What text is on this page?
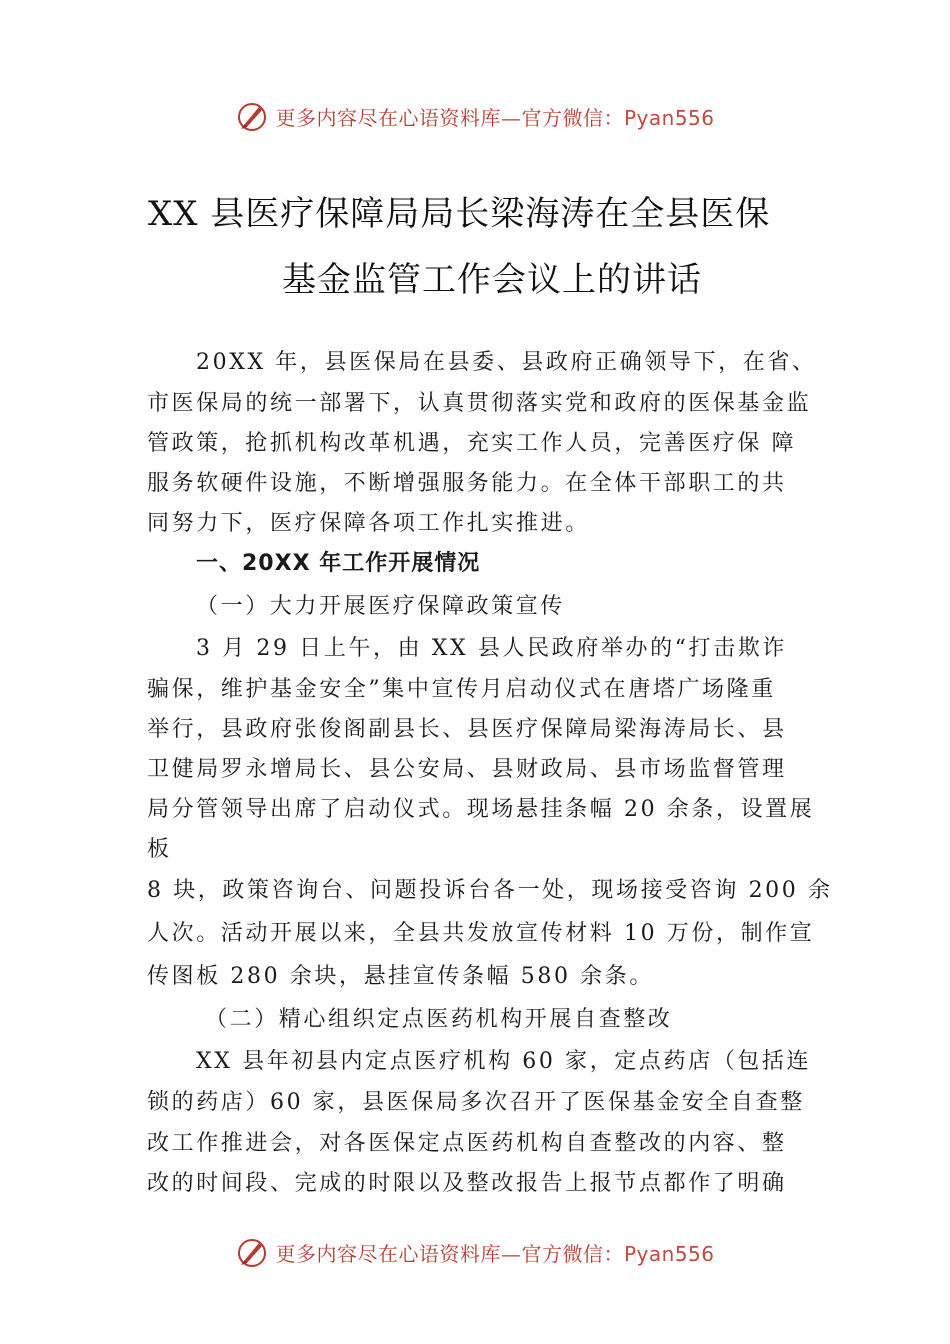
更多内容尽在心语资料库—官方微信：Pyan556
XX 县医疗保障局局长梁海涛在全县医保
基金监管工作会议上的讲话
20XX 年，县医保局在县委、县政府正确领导下，在省、
市医保局的统一部署下，认真贯彻落实党和政府的医保基金监
管政策，抢抓机构改革机遇，充实工作人员，完善医疗保 障
服务软硬件设施，不断增强服务能力。在全体干部职工的共
同努力下，医疗保障各项工作扎实推进。
一、20XX 年工作开展情况
（一）大力开展医疗保障政策宣传
3 月 29 日上午，由 XX 县人民政府举办的“打击欺诈
骗保，维护基金安全”集中宣传月启动仪式在唐塔广场隆重
举行，县政府张俊阁副县长、县医疗保障局梁海涛局长、县
卫健局罗永增局长、县公安局、县财政局、县市场监督管理
局分管领导出席了启动仪式。现场悬挂条幅 20 余条，设置展
板
8 块，政策咨询台、问题投诉台各一处，现场接受咨询 200 余
人次。活动开展以来，全县共发放宣传材料 10 万份，制作宣
传图板 280 余块，悬挂宣传条幅 580 余条。
（二）精心组织定点医药机构开展自查整改
XX 县年初县内定点医疗机构 60 家，定点药店（包括连
锁的药店）60 家，县医保局多次召开了医保基金安全自查整
改工作推进会，对各医保定点医药机构自查整改的内容、整
改的时间段、完成的时限以及整改报告上报节点都作了明确
更多内容尽在心语资料库—官方微信：Pyan556
